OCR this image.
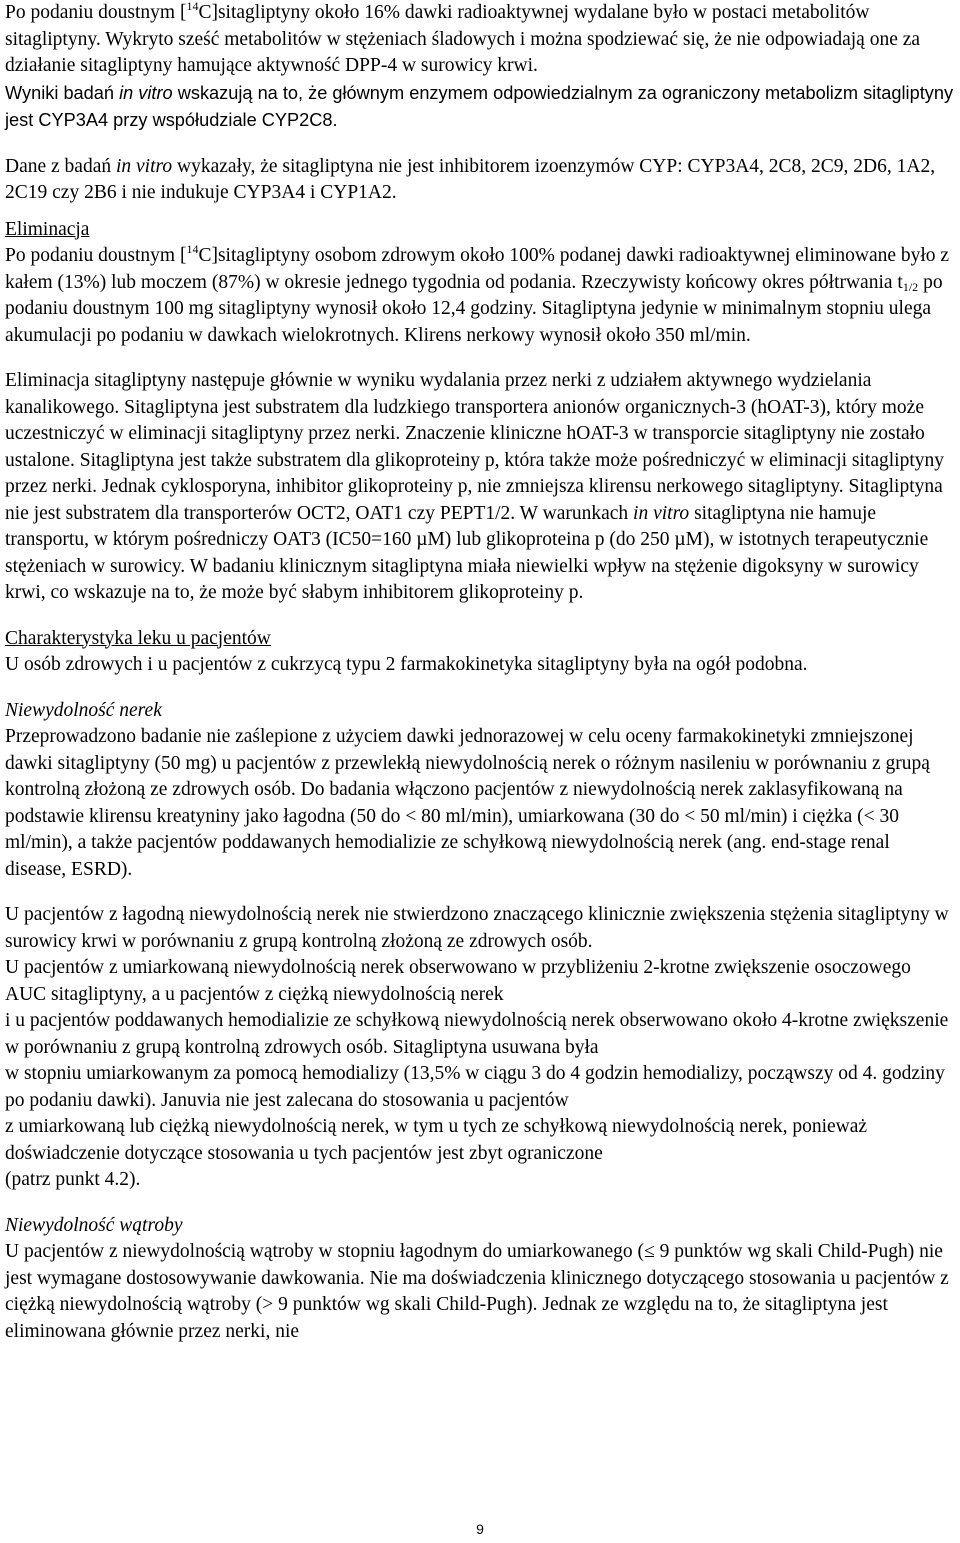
Po podaniu doustnym [$^{14}$C]sitagliptyny około 16% dawki radioaktywnej wydalane było w postaci metabolitów sitagliptyny. Wykryto sześć metabolitów w stężeniach śladowych i można spodziewać się, że nie odpowiadają one za działanie sitagliptyny hamujące aktywność DPP-4 w surowicy krwi.
Wyniki badań in vitro wskazują na to, że głównym enzymem odpowiedzialnym za ograniczony metabolizm sitagliptyny jest CYP3A4 przy współudziale CYP2C8.

Dane z badań in vitro wykazały, że sitagliptyna nie jest inhibitorem izoenzymów CYP: CYP3A4, 2C8, 2C9, 2D6, 1A2, 2C19 czy 2B6 i nie indukuje CYP3A4 i CYP1A2.

Eliminacja

Po podaniu doustnym [$^{14}$C]sitagliptyny osobom zdrowym około 100% podanej dawki radioaktywnej eliminowane było z kałem (13%) lub moczem (87%) w okresie jednego tygodnia od podania. Rzeczywisty końcowy okres półtrwania $t_{1/2}$ po podaniu doustnym 100 mg sitagliptyny wynosił około 12,4 godziny. Sitagliptyna jedynie w minimalnym stopniu ulega akumulacji po podaniu w dawkach wielokrotnych. Klirens nerkowy wynosił około 350 ml/min.

Eliminacja sitagliptyny następuje głównie w wyniku wydalania przez nerki z udziałem aktywnego wydzielania kanalikowego. Sitagliptyna jest substratem dla ludzkiego transportera anionów organicznych-3 (hOAT-3), który może uczestniczyć w eliminacji sitagliptyny przez nerki. Znaczenie kliniczne hOAT-3 w transporcie sitagliptyny nie zostało ustalone. Sitagliptyna jest także substratem dla glikoproteiny p, która także może pośredniczyć w eliminacji sitagliptyny przez nerki. Jednak cyklosporyna, inhibitor glikoproteiny p, nie zmniejsza klirensu nerkowego sitagliptyny. Sitagliptyna nie jest substratem dla transporterów OCT2, OAT1 czy PEPT1/2. W warunkach in vitro sitagliptyna nie hamuje transportu, w którym pośredniczy OAT3 (IC50=160 µM) lub glikoproteina p (do 250 µM), w istotnych terapeutycznie stężeniach w surowicy. W badaniu klinicznym sitagliptyna miała niewielki wpływ na stężenie digoksyny w surowicy krwi, co wskazuje na to, że może być słabym inhibitorem glikoproteiny p.

Charakterystyka leku u pacjentów

U osób zdrowych i u pacjentów z cukrzycą typu 2 farmakokinetyka sitagliptyny była na ogół podobna.

Niewydolność nerek

Przeprowadzono badanie nie zaślepione z użyciem dawki jednorazowej w celu oceny farmakokinetyki zmniejszonej dawki sitagliptyny (50 mg) u pacjentów z przewlekłą niewydolnością nerek o różnym nasileniu w porównaniu z grupą kontrolną złożoną ze zdrowych osób. Do badania włączono pacjentów z niewydolnością nerek zaklasyfikowaną na podstawie klirensu kreatyniny jako łagodna (50 do < 80 ml/min), umiarkowana (30 do < 50 ml/min) i ciężka (< 30 ml/min), a także pacjentów poddawanych hemodializie ze schyłkową niewydolnością nerek (ang. end-stage renal disease, ESRD).

U pacjentów z łagodną niewydolnością nerek nie stwierdzono znaczącego klinicznie zwiększenia stężenia sitagliptyny w surowicy krwi w porównaniu z grupą kontrolną złożoną ze zdrowych osób.
U pacjentów z umiarkowaną niewydolnością nerek obserwowano w przybliżeniu 2-krotne zwiększenie osoczowego AUC sitagliptyny, a u pacjentów z ciężką niewydolnością nerek
i u pacjentów poddawanych hemodializie ze schyłkową niewydolnością nerek obserwowano około 4-krotne zwiększenie w porównaniu z grupą kontrolną zdrowych osób. Sitagliptyna usuwana była
w stopniu umiarkowanym za pomocą hemodializy (13,5% w ciągu 3 do 4 godzin hemodializy, począwszy od 4. godziny po podaniu dawki). Januvia nie jest zalecana do stosowania u pacjentów
z umiarkowaną lub ciężką niewydolnością nerek, w tym u tych ze schyłkową niewydolnością nerek, ponieważ doświadczenie dotyczące stosowania u tych pacjentów jest zbyt ograniczone
(patrz punkt 4.2).

Niewydolność wątroby

U pacjentów z niewydolnością wątroby w stopniu łagodnym do umiarkowanego (≤ 9 punktów wg skali Child-Pugh) nie jest wymagane dostosowywanie dawkowania. Nie ma doświadczenia klinicznego dotyczącego stosowania u pacjentów z ciężką niewydolnością wątroby (> 9 punktów wg skali Child-Pugh). Jednak ze względu na to, że sitagliptyna jest eliminowana głównie przez nerki, nie

9
